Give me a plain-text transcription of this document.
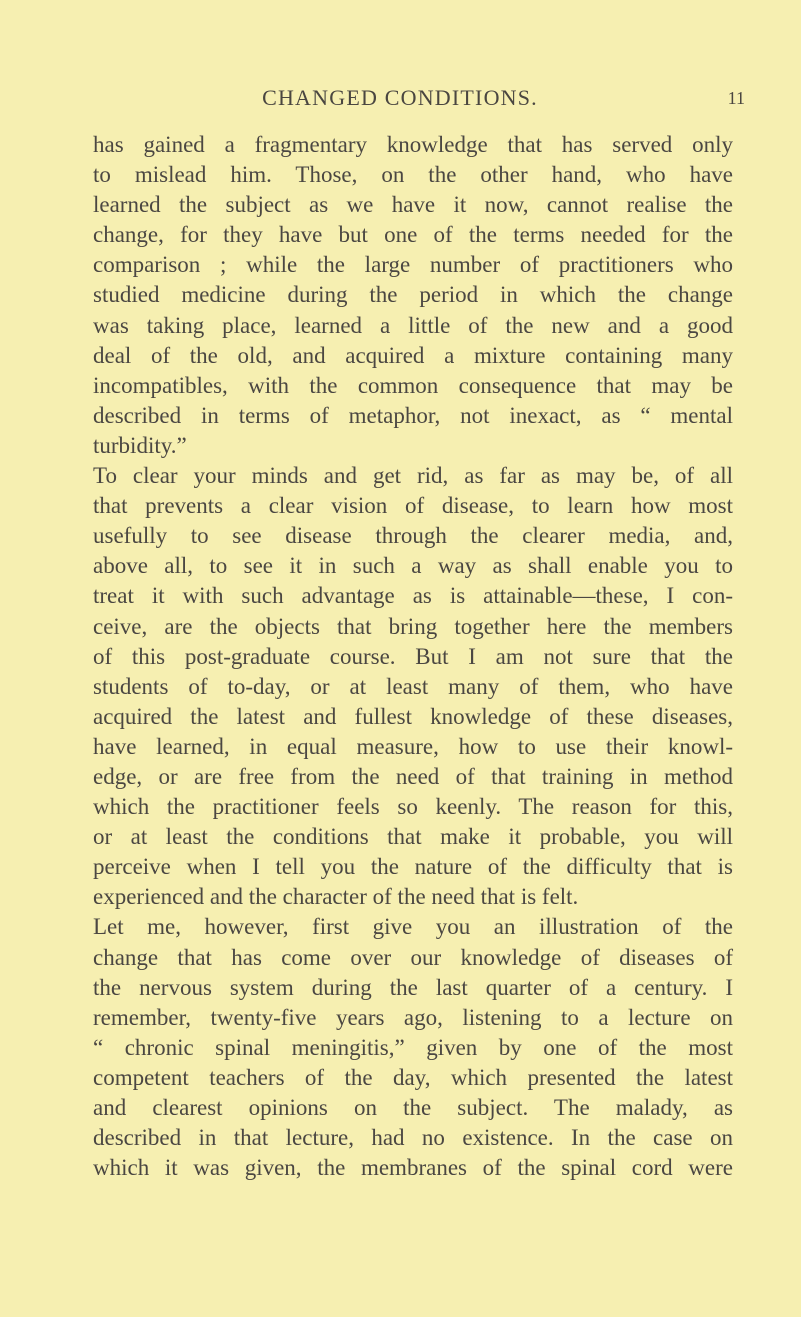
CHANGED CONDITIONS.	11
has gained a fragmentary knowledge that has served only
to mislead him. Those, on the other hand, who have
learned the subject as we have it now, cannot realise the
change, for they have but one of the terms needed for the
comparison ; while the large number of practitioners who
studied medicine during the period in which the change
was taking place, learned a little of the new and a good
deal of the old, and acquired a mixture containing many
incompatibles, with the common consequence that may be
described in terms of metaphor, not inexact, as “ mental
turbidity.”
To clear your minds and get rid, as far as may be, of all
that prevents a clear vision of disease, to learn how most
usefully to see disease through the clearer media, and,
above all, to see it in such a way as shall enable you to
treat it with such advantage as is attainable—these, I con-
ceive, are the objects that bring together here the members
of this post-graduate course. But I am not sure that the
students of to-day, or at least many of them, who have
acquired the latest and fullest knowledge of these diseases,
have learned, in equal measure, how to use their knowl-
edge, or are free from the need of that training in method
which the practitioner feels so keenly. The reason for this,
or at least the conditions that make it probable, you will
perceive when I tell you the nature of the difficulty that is
experienced and the character of the need that is felt.
Let me, however, first give you an illustration of the
change that has come over our knowledge of diseases of
the nervous system during the last quarter of a century. I
remember, twenty-five years ago, listening to a lecture on
“ chronic spinal meningitis,” given by one of the most
competent teachers of the day, which presented the latest
and clearest opinions on the subject. The malady, as
described in that lecture, had no existence. In the case on
which it was given, the membranes of the spinal cord were
